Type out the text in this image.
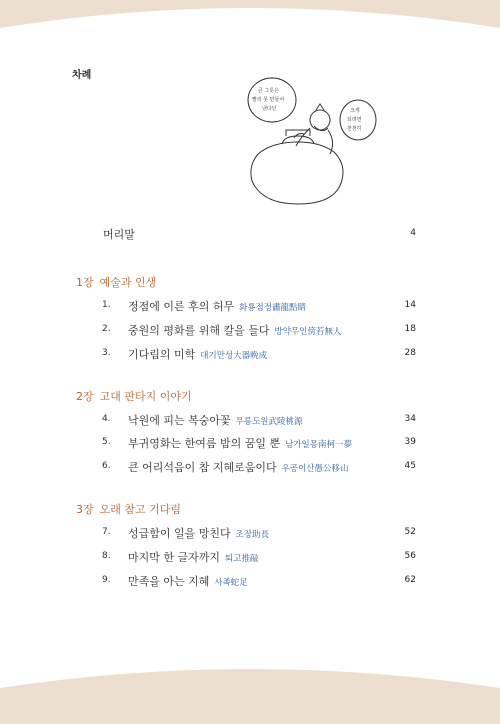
차례
큰 그릇은
빨리 못 만들어
낸다던	크게
되려면
천천히
머리말	4
1장 예술과 인생
1. 정점에 이른 후의 허무 화룡점정畵龍點睛	14
2. 중원의 평화를 위해 칼을 들다 방약무인傍若無人	18
3. 기다림의 미학 대기만성大器晩成	28
2장 고대 판타지 이야기
4. 낙원에 피는 복숭아꽃 무릉도원武陵桃源	34
5. 부귀영화는 한여름 밤의 꿈일 뿐 남가일몽南柯一夢	39
6. 큰 어리석음이 참 지혜로움이다 우공이산愚公移山	45
3장 오래 참고 기다림
7. 성급함이 일을 망친다 조장助長	52
8. 마지막 한 글자까지 퇴고推敲	56
9. 만족을 아는 지혜 사족蛇足	62
